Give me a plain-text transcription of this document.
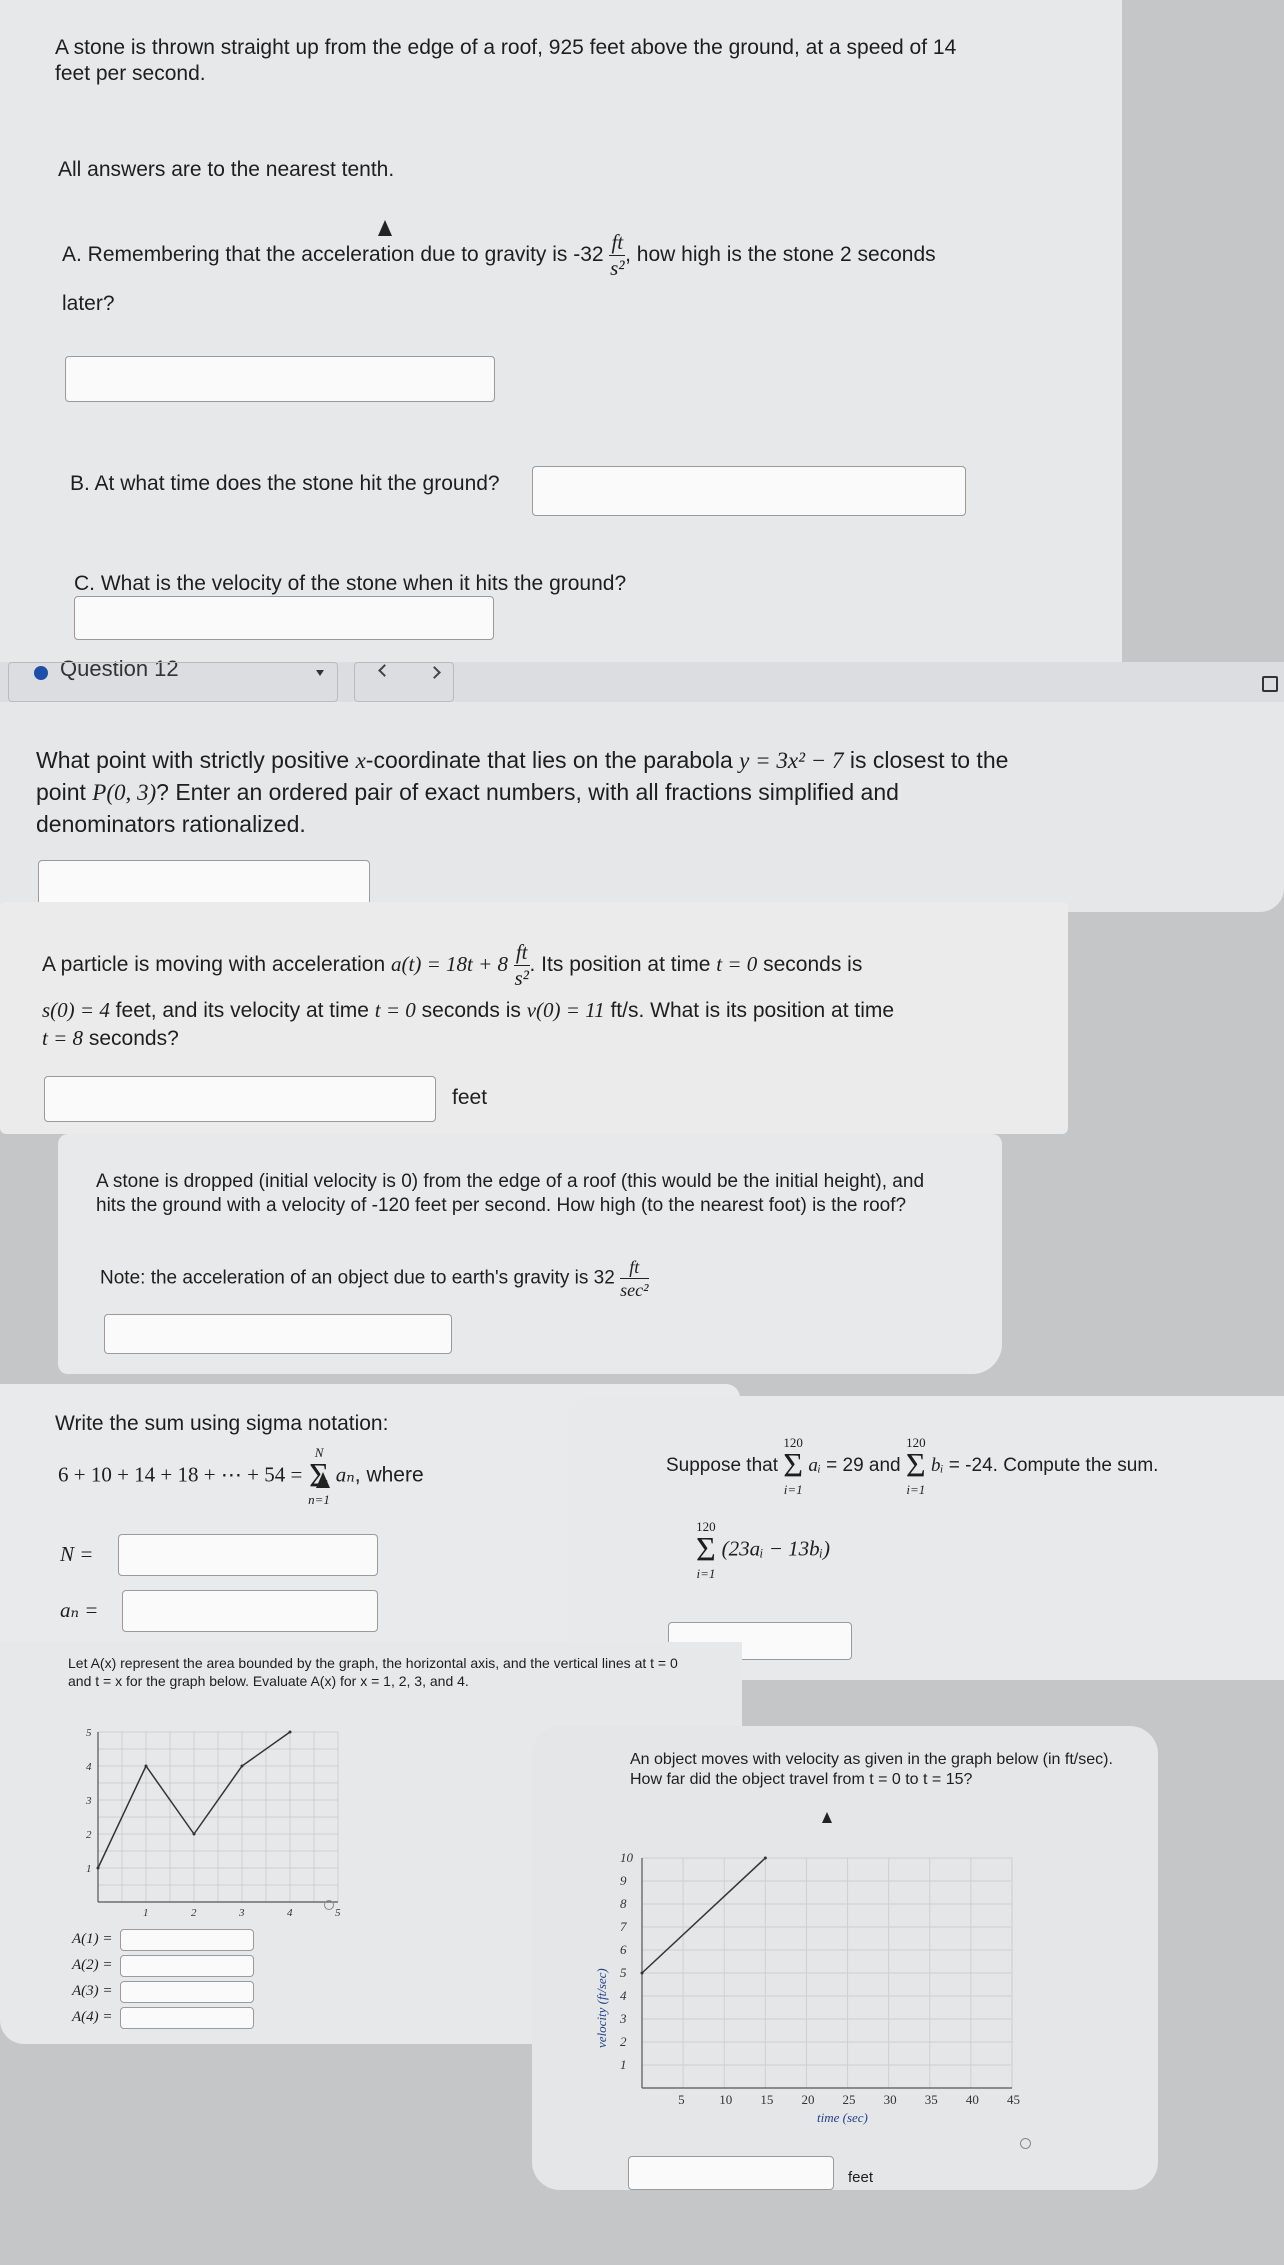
A stone is thrown straight up from the edge of a roof, 925 feet above the ground, at a speed of 14
feet per second.
All answers are to the nearest tenth.
A. Remembering that the acceleration due to gravity is $-32 \frac{ft}{\text{s²}}$ , how high is the stone 2 seconds
later?
B. At what time does the stone hit the ground?
C. What is the velocity of the stone when it hits the ground?
Question 12
What point with strictly positive x-coordinate that lies on the parabola y = 3x² − 7 is closest to the
point P(0, 3)? Enter an ordered pair of exact numbers, with all fractions simplified and
denominators rationalized.
A particle is moving with acceleration $a(t) = 18t + 8 \frac{ft}{\text{s²}}$ . Its position at time t = 0 seconds is
s(0) = 4 feet, and its velocity at time t = 0 seconds is v(0) = 11 ft/s. What is its position at time
t = 8 seconds?
feet
A stone is dropped (initial velocity is 0) from the edge of a roof (this would be the initial height), and
hits the ground with a velocity of -120 feet per second. How high (to the nearest foot) is the roof?
Note: the acceleration of an object due to earth's gravity is $32 \frac{ft}{\text{sec²}}$
Write the sum using sigma notation:
6 + 10 + 14 + 18 + ⋯ + 54 =
N
Σ
n=1
aₙ, where
N =
aₙ =
Suppose that
120
Σ
i=1
aᵢ = 29 and
120
Σ
i=1
bᵢ = -24. Compute the sum.
120
Σ
i=1
(23aᵢ − 13bᵢ)
Let A(x) represent the area bounded by the graph, the horizontal axis, and the vertical lines at t = 0
and t = x for the graph below. Evaluate A(x) for x = 1, 2, 3, and 4.
1	2	3	4	5
1
2
3
4
5
A(1) =
A(2) =
A(3) =
A(4) =
An object moves with velocity as given in the graph below (in ft/sec).
How far did the object travel from t = 0 to t = 15?
5	10 15 20 25 30 35 40 45
1
2
3
4
5
6
7
8
9
10
time (sec)
velocity (ft/sec)
feet
